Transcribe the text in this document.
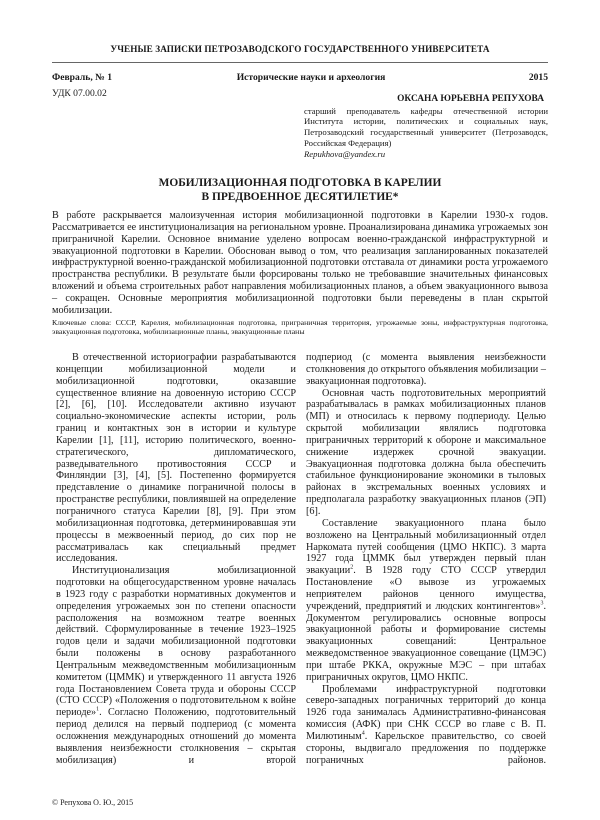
УЧЕНЫЕ ЗАПИСКИ ПЕТРОЗАВОДСКОГО ГОСУДАРСТВЕННОГО УНИВЕРСИТЕТА
Февраль, № 1	Исторические науки и археология	2015
УДК 07.00.02	ОКСАНА ЮРЬЕВНА РЕПУХОВА
старший преподаватель кафедры отечественной истории Института истории, политических и социальных наук, Петрозаводский государственный университет (Петрозаводск, Российская Федерация)
Repukhova@yandex.ru
МОБИЛИЗАЦИОННАЯ ПОДГОТОВКА В КАРЕЛИИ
В ПРЕДВОЕННОЕ ДЕСЯТИЛЕТИЕ*
В работе раскрывается малоизученная история мобилизационной подготовки в Карелии 1930-х годов. Рассматривается ее институционализация на региональном уровне. Проанализирована динамика угрожаемых зон приграничной Карелии. Основное внимание уделено вопросам военно-гражданской инфраструктурной и эвакуационной подготовки в Карелии. Обоснован вывод о том, что реализация запланированных показателей инфраструктурной военно-гражданской мобилизационной подготовки отставала от динамики роста угрожаемого пространства республики. В результате были форсированы только не требовавшие значительных финансовых вложений и объема строительных работ направления мобилизационных планов, а объем эвакуационного вывоза – сокращен. Основные мероприятия мобилизационной подготовки были переведены в план скрытой мобилизации.
Ключевые слова: СССР, Карелия, мобилизационная подготовка, приграничная территория, угрожаемые зоны, инфраструктурная подготовка, эвакуационная подготовка, мобилизационные планы, эвакуационные планы

В отечественной историографии разрабатываются концепции мобилизационной модели и мобилизационной подготовки, оказавшие существенное влияние на довоенную историю СССР [2], [6], [10]. Исследователи активно изучают социально-экономические аспекты истории, роль границ и контактных зон в истории и культуре Карелии [1], [11], историю политического, военно-стратегического, дипломатического, разведывательного противостояния СССР и Финляндии [3], [4], [5]. Постепенно формируется представление о динамике пограничной полосы в пространстве республики, повлиявшей на определение пограничного статуса Карелии [8], [9]. При этом мобилизационная подготовка, детерминировавшая эти процессы в межвоенный период, до сих пор не рассматривалась как специальный предмет исследования.

Институционализация мобилизационной подготовки на общегосударственном уровне началась в 1923 году с разработки нормативных документов и определения угрожаемых зон по степени опасности расположения на возможном театре военных действий. Сформулированные в течение 1923–1925 годов цели и задачи мобилизационной подготовки были положены в основу разработанного Центральным межведомственным мобилизационным комитетом (ЦММК) и утвержденного 11 августа 1926 года Постановлением Совета труда и обороны СССР (СТО СССР) «Положения о подготовительном к войне периоде»$^1$. Согласно Положению, подготовительный период делился на первый подпериод (с момента осложнения международных отношений до момента выявления неизбежности столкновения – скрытая мобилизация) и второй

подпериод (с момента выявления неизбежности столкновения до открытого объявления мобилизации – эвакуационная подготовка).

Основная часть подготовительных мероприятий разрабатывалась в рамках мобилизационных планов (МП) и относилась к первому подпериоду. Целью скрытой мобилизации являлись подготовка приграничных территорий к обороне и максимальное снижение издержек срочной эвакуации. Эвакуационная подготовка должна была обеспечить стабильное функционирование экономики в тыловых районах в экстремальных военных условиях и предполагала разработку эвакуационных планов (ЭП) [6].

Составление эвакуационного плана было возложено на Центральный мобилизационный отдел Наркомата путей сообщения (ЦМО НКПС). 3 марта 1927 года ЦММК был утвержден первый план эвакуации$^2$. В 1928 году СТО СССР утвердил Постановление «О вывозе из угрожаемых неприятелем районов ценного имущества, учреждений, предприятий и людских контингентов»$^3$. Документом регулировались основные вопросы эвакуационной работы и формирование системы эвакуационных совещаний: Центральное межведомственное эвакуационное совещание (ЦМЭС) при штабе РККА, окружные МЭС – при штабах приграничных округов, ЦМО НКПС.

Проблемами инфраструктурной подготовки северо-западных пограничных территорий до конца 1926 года занималась Административно-финансовая комиссия (АФК) при СНК СССР во главе с В. П. Милютиным$^4$. Карельское правительство, со своей стороны, выдвигало предложения по поддержке пограничных районов.

© Репухова О. Ю., 2015
